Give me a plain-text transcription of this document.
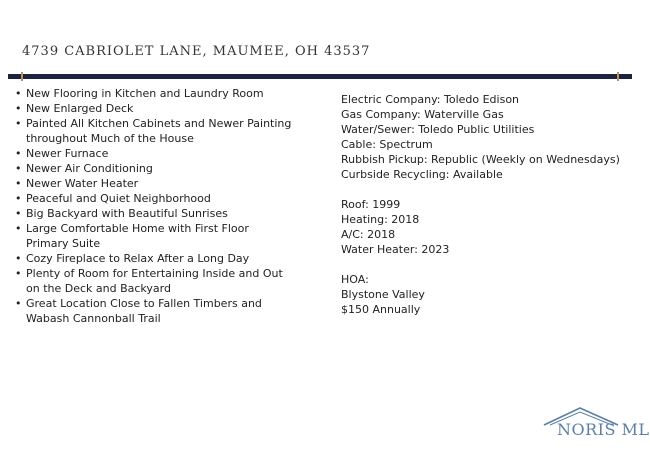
4739 CABRIOLET LANE, MAUMEE, OH 43537
• New Flooring in Kitchen and Laundry Room
• New Enlarged Deck
• Painted All Kitchen Cabinets and Newer Painting
throughout Much of the House
• Newer Furnace
• Newer Air Conditioning
• Newer Water Heater
• Peaceful and Quiet Neighborhood
• Big Backyard with Beautiful Sunrises
• Large Comfortable Home with First Floor
Primary Suite
• Cozy Fireplace to Relax After a Long Day
• Plenty of Room for Entertaining Inside and Out
on the Deck and Backyard
• Great Location Close to Fallen Timbers and
Wabash Cannonball Trail
Electric Company: Toledo Edison
Gas Company: Waterville Gas
Water/Sewer: Toledo Public Utilities
Cable: Spectrum
Rubbish Pickup: Republic (Weekly on Wednesdays)
Curbside Recycling: Available
Roof: 1999
Heating: 2018
A/C: 2018
Water Heater: 2023
HOA:
Blystone Valley
$150 Annually
NORIS ML
